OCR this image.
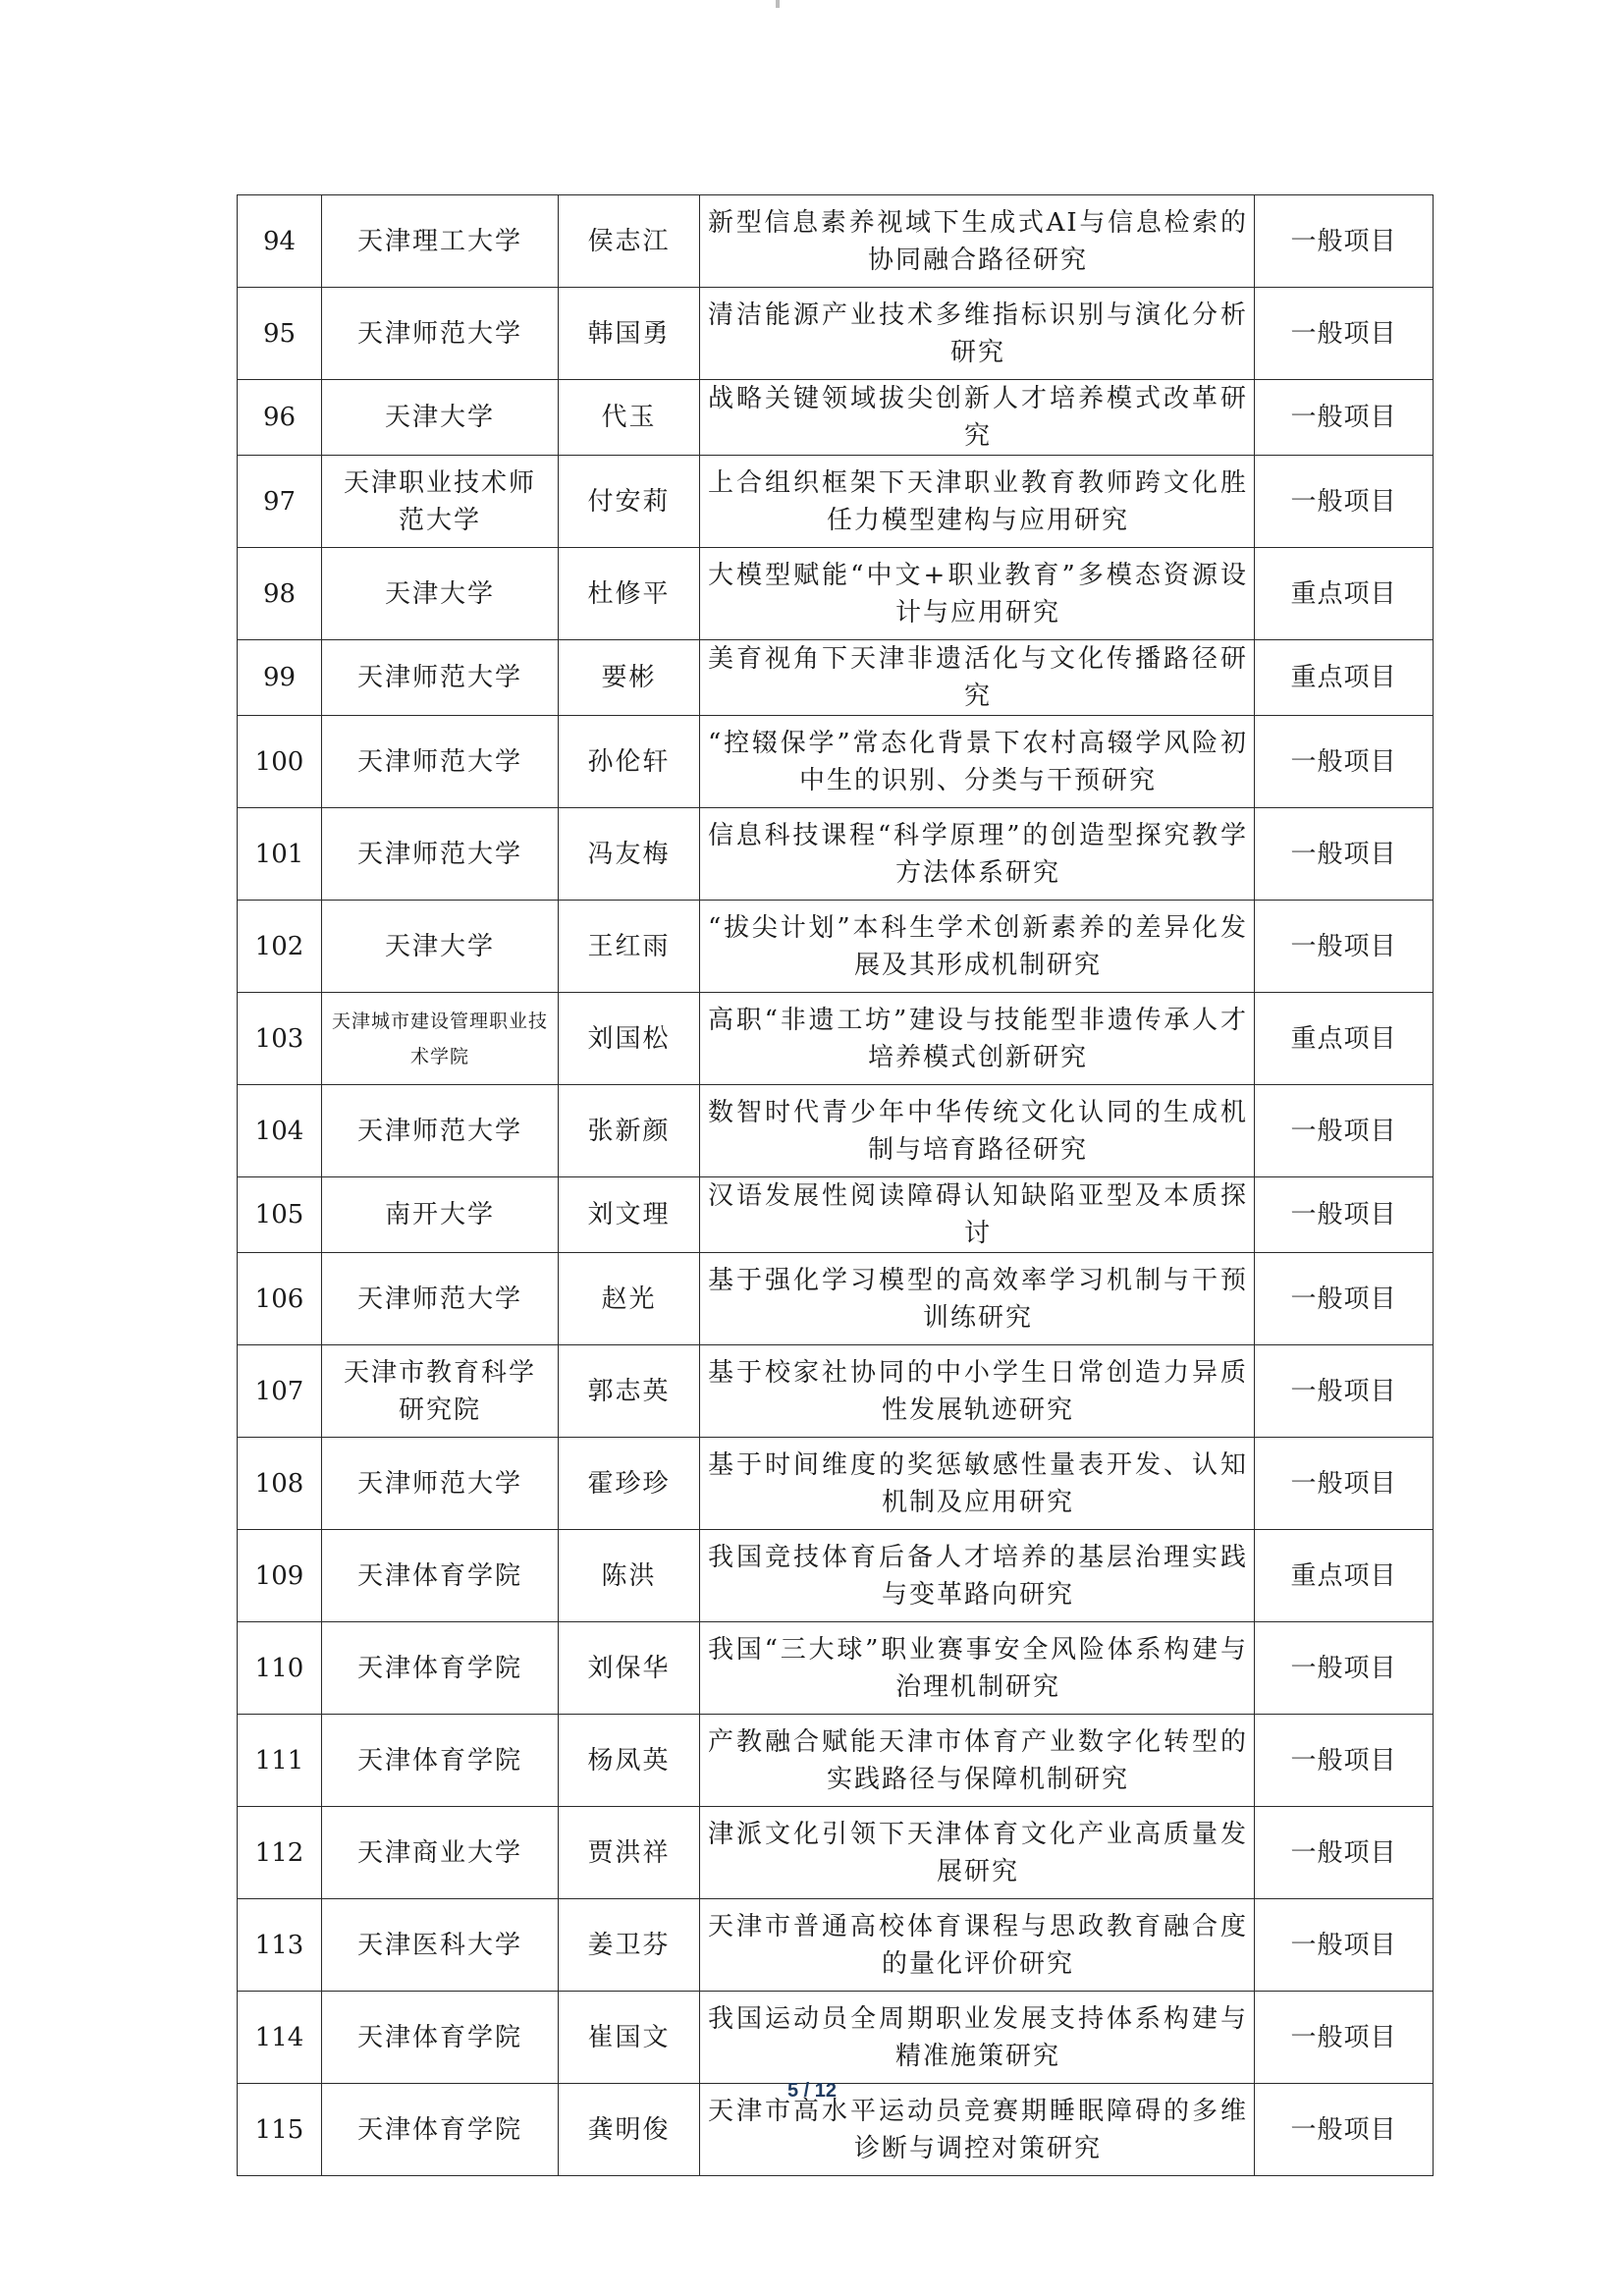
94	天津理工大学	侯志江	新型信息素养视域下生成式AI与信息检索的协同融合路径研究	一般项目
95	天津师范大学	韩国勇	清洁能源产业技术多维指标识别与演化分析研究	一般项目
96	天津大学	代玉	战略关键领域拔尖创新人才培养模式改革研究	一般项目
97	天津职业技术师范大学	付安莉	上合组织框架下天津职业教育教师跨文化胜任力模型建构与应用研究	一般项目
98	天津大学	杜修平	大模型赋能“中文+职业教育”多模态资源设计与应用研究	重点项目
99	天津师范大学	要彬	美育视角下天津非遗活化与文化传播路径研究	重点项目
100	天津师范大学	孙伦轩	“控辍保学”常态化背景下农村高辍学风险初中生的识别、分类与干预研究	一般项目
101	天津师范大学	冯友梅	信息科技课程“科学原理”的创造型探究教学方法体系研究	一般项目
102	天津大学	王红雨	“拔尖计划”本科生学术创新素养的差异化发展及其形成机制研究	一般项目
103	天津城市建设管理职业技术学院	刘国松	高职“非遗工坊”建设与技能型非遗传承人才培养模式创新研究	重点项目
104	天津师范大学	张新颜	数智时代青少年中华传统文化认同的生成机制与培育路径研究	一般项目
105	南开大学	刘文理	汉语发展性阅读障碍认知缺陷亚型及本质探讨	一般项目
106	天津师范大学	赵光	基于强化学习模型的高效率学习机制与干预训练研究	一般项目
107	天津市教育科学研究院	郭志英	基于校家社协同的中小学生日常创造力异质性发展轨迹研究	一般项目
108	天津师范大学	霍珍珍	基于时间维度的奖惩敏感性量表开发、认知机制及应用研究	一般项目
109	天津体育学院	陈洪	我国竞技体育后备人才培养的基层治理实践与变革路向研究	重点项目
110	天津体育学院	刘保华	我国“三大球”职业赛事安全风险体系构建与治理机制研究	一般项目
111	天津体育学院	杨凤英	产教融合赋能天津市体育产业数字化转型的实践路径与保障机制研究	一般项目
112	天津商业大学	贾洪祥	津派文化引领下天津体育文化产业高质量发展研究	一般项目
113	天津医科大学	姜卫芬	天津市普通高校体育课程与思政教育融合度的量化评价研究	一般项目
114	天津体育学院	崔国文	我国运动员全周期职业发展支持体系构建与精准施策研究	一般项目
115	天津体育学院	龚明俊	天津市高水平运动员竞赛期睡眠障碍的多维诊断与调控对策研究	一般项目
5 / 12
